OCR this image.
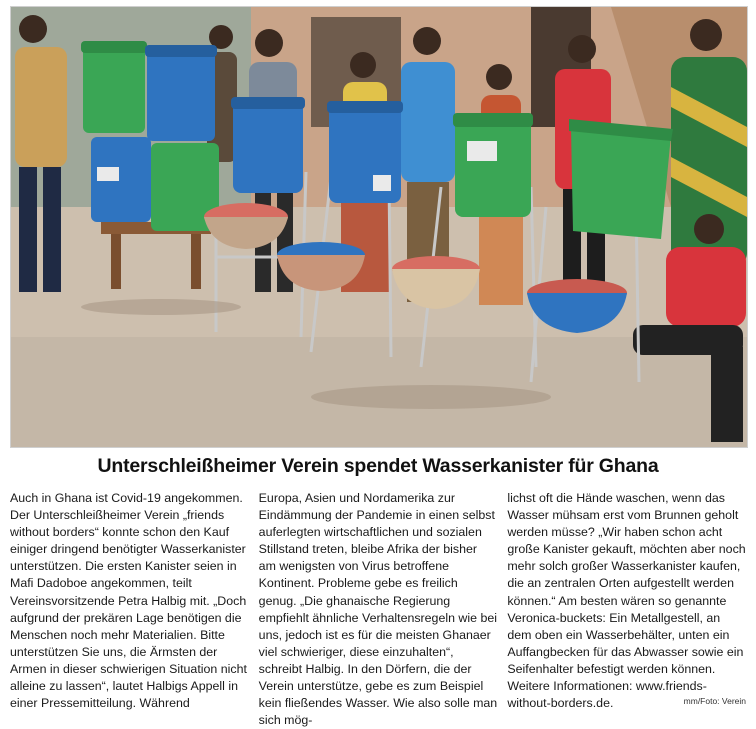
Unterschleißheimer Verein spendet Wasserkanister für Ghana

Auch in Ghana ist Covid-19 angekommen. Der Unterschleißheimer Verein „friends without borders“ konnte schon den Kauf einiger dringend benötigter Wasserkanister unterstützen. Die ersten Kanister seien in Mafi Dadoboe angekommen, teilt Vereinsvorsitzende Petra Halbig mit. „Doch aufgrund der prekären Lage benötigen die Menschen noch mehr Materialien. Bitte unterstützen Sie uns, die Ärmsten der Armen in dieser schwierigen Situation nicht alleine zu lassen“, lautet Halbigs Appell in einer Pressemitteilung. Während

Europa, Asien und Nordamerika zur Eindämmung der Pandemie in einen selbst auferlegten wirtschaftlichen und sozialen Stillstand treten, bleibe Afrika der bisher am wenigsten von Virus betroffene Kontinent. Probleme gebe es freilich genug. „Die ghanaische Regierung empfiehlt ähnliche Verhaltensregeln wie bei uns, jedoch ist es für die meisten Ghanaer viel schwieriger, diese einzuhalten“, schreibt Halbig. In den Dörfern, die der Verein unterstütze, gebe es zum Beispiel kein fließendes Wasser. Wie also solle man sich mög-

lichst oft die Hände waschen, wenn das Wasser mühsam erst vom Brunnen geholt werden müsse? „Wir haben schon acht große Kanister gekauft, möchten aber noch mehr solch großer Wasserkanister kaufen, die an zentralen Orten aufgestellt werden können.“ Am besten wären so genannte Veronica-buckets: Ein Metallgestell, an dem oben ein Wasserbehälter, unten ein Auffangbecken für das Abwasser sowie ein Seifenhalter befestigt werden können. Weitere Informationen: www.friends-without-borders.de.	mm/Foto: Verein
